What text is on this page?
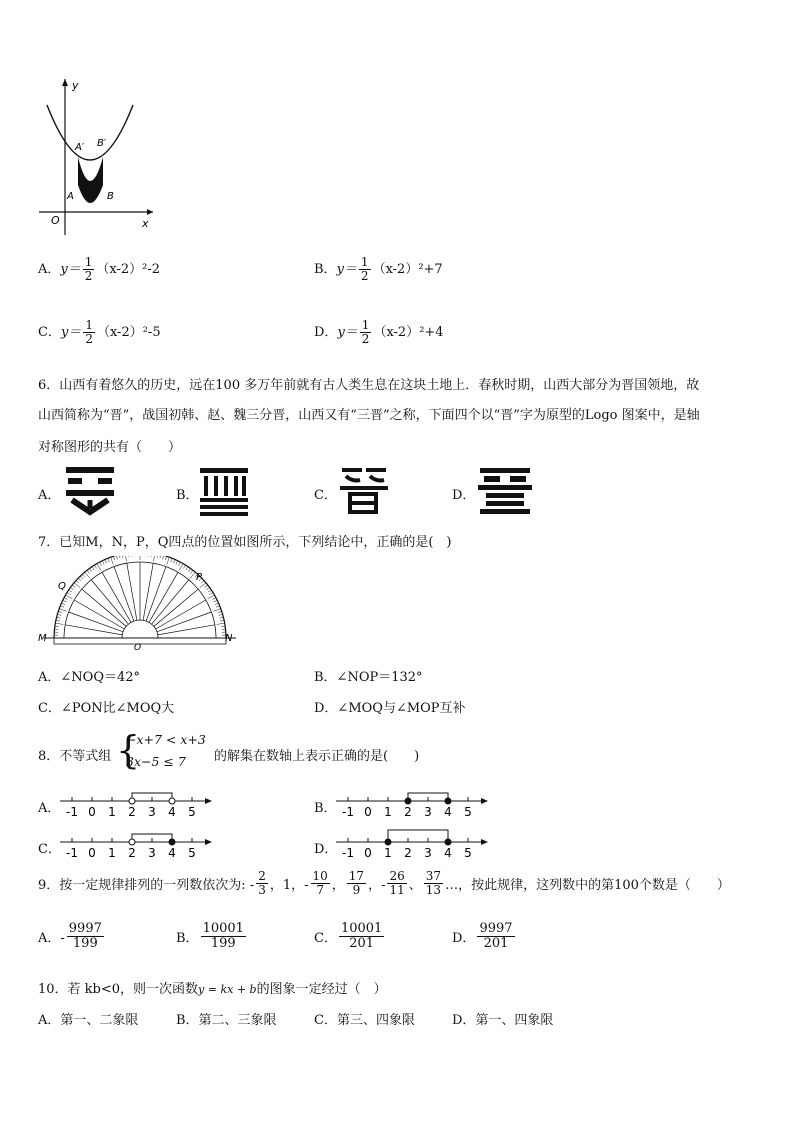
y
x
O
A′ B′
A	B
A．$y= \frac{1}{2} (x-2)^2-2$	B．$y= \frac{1}{2} (x-2)^2+7$
C．$y= \frac{1}{2} (x-2)^2-5$	D．$y= \frac{1}{2} (x-2)^2+4$
6．山西有着悠久的历史，远在100 多万年前就有古人类生息在这块土地上．春秋时期，山西大部分为晋国领地，故
山西简称为“晋”，战国初韩、赵、魏三分晋，山西又有“三晋”之称，下面四个以“晋”字为原型的Logo 图案中，是轴
对称图形的共有（　　）
A．	B．	C．	D．
7．已知M，N，P，Q四点的位置如图所示，下列结论中，正确的是(　)
M	N
P
Q
O
A．∠NOQ＝42°	B．∠NOP＝132°
C．∠PON比∠MOQ大	D．∠MOQ与∠MOP互补
8．不等式组 {
−x+7 < x+3
3x−5 ≤ 7 的解集在数轴上表示正确的是(　　)
A． -1 0 1 2 3 4 5	B． -1 0 1 2 3 4 5
C． -1 0 1 2 3 4 5	D． -1 0 1 2 3 4 5
9．按一定规律排列的一列数依次为: - $\frac{2}{3}$ ，1，- $\frac{10}{7}$ ， $\frac{17}{9}$ ，- $\frac{26}{11}$ 、 $\frac{37}{13}$ …，按此规律，这列数中的第100个数是（　　）
A．- $\frac{9997}{199}$	B． $\frac{10001}{199}$	C． $\frac{10001}{201}$	D． $\frac{9997}{201}$
10．若 kb<0，则一次函数y = kx + b的图象一定经过（　）
A．第一、二象限	B．第二、三象限	C．第三、四象限	D．第一、四象限
